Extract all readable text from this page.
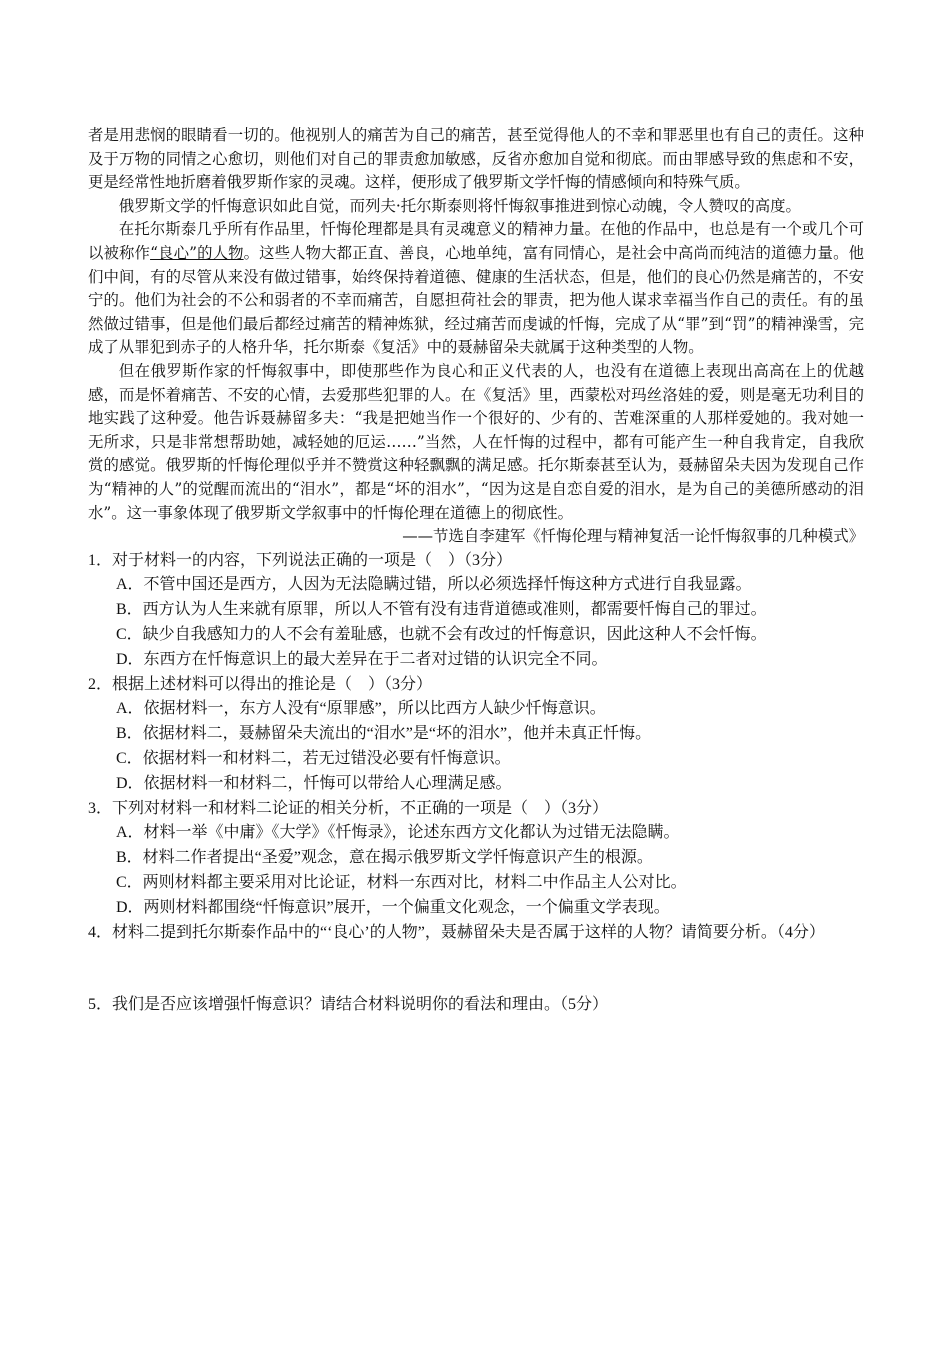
者是用悲悯的眼睛看一切的。他视别人的痛苦为自己的痛苦，甚至觉得他人的不幸和罪恶里也有自己的责任。这种及于万物的同情之心愈切，则他们对自己的罪责愈加敏感，反省亦愈加自觉和彻底。而由罪感导致的焦虑和不安，更是经常性地折磨着俄罗斯作家的灵魂。这样，便形成了俄罗斯文学忏悔的情感倾向和特殊气质。

俄罗斯文学的忏悔意识如此自觉，而列夫·托尔斯泰则将忏悔叙事推进到惊心动魄，令人赞叹的高度。

在托尔斯泰几乎所有作品里，忏悔伦理都是具有灵魂意义的精神力量。在他的作品中，也总是有一个或几个可以被称作“良心”的人物。这些人物大都正直、善良，心地单纯，富有同情心，是社会中高尚而纯洁的道德力量。他们中间，有的尽管从来没有做过错事，始终保持着道德、健康的生活状态，但是，他们的良心仍然是痛苦的，不安宁的。他们为社会的不公和弱者的不幸而痛苦，自愿担荷社会的罪责，把为他人谋求幸福当作自己的责任。有的虽然做过错事，但是他们最后都经过痛苦的精神炼狱，经过痛苦而虔诚的忏悔，完成了从“罪”到“罚”的精神澡雪，完成了从罪犯到赤子的人格升华，托尔斯泰《复活》中的聂赫留朵夫就属于这种类型的人物。

但在俄罗斯作家的忏悔叙事中，即使那些作为良心和正义代表的人，也没有在道德上表现出高高在上的优越感，而是怀着痛苦、不安的心情，去爱那些犯罪的人。在《复活》里，西蒙松对玛丝洛娃的爱，则是毫无功利目的地实践了这种爱。他告诉聂赫留多夫：“我是把她当作一个很好的、少有的、苦难深重的人那样爱她的。我对她一无所求，只是非常想帮助她，减轻她的厄运……”当然，人在忏悔的过程中，都有可能产生一种自我肯定，自我欣赏的感觉。俄罗斯的忏悔伦理似乎并不赞赏这种轻飘飘的满足感。托尔斯泰甚至认为，聂赫留朵夫因为发现自己作为“精神的人”的觉醒而流出的“泪水”，都是“坏的泪水”，“因为这是自恋自爱的泪水，是为自己的美德所感动的泪水”。这一事象体现了俄罗斯文学叙事中的忏悔伦理在道德上的彻底性。

——节选自李建军《忏悔伦理与精神复活一论忏悔叙事的几种模式》

1．对于材料一的内容，下列说法正确的一项是（　）（3分）

A．不管中国还是西方，人因为无法隐瞒过错，所以必须选择忏悔这种方式进行自我显露。

B．西方认为人生来就有原罪，所以人不管有没有违背道德或准则，都需要忏悔自己的罪过。

C．缺少自我感知力的人不会有羞耻感，也就不会有改过的忏悔意识，因此这种人不会忏悔。

D．东西方在忏悔意识上的最大差异在于二者对过错的认识完全不同。

2．根据上述材料可以得出的推论是（　）（3分）

A．依据材料一，东方人没有“原罪感”，所以比西方人缺少忏悔意识。

B．依据材料二，聂赫留朵夫流出的“泪水”是“坏的泪水”，他并未真正忏悔。

C．依据材料一和材料二，若无过错没必要有忏悔意识。

D．依据材料一和材料二，忏悔可以带给人心理满足感。

3．下列对材料一和材料二论证的相关分析，不正确的一项是（　）（3分）

A．材料一举《中庸》《大学》《忏悔录》，论述东西方文化都认为过错无法隐瞒。

B．材料二作者提出“圣爱”观念，意在揭示俄罗斯文学忏悔意识产生的根源。

C．两则材料都主要采用对比论证，材料一东西对比，材料二中作品主人公对比。

D．两则材料都围绕“忏悔意识”展开，一个偏重文化观念，一个偏重文学表现。

4．材料二提到托尔斯泰作品中的“‘良心’的人物”，聂赫留朵夫是否属于这样的人物？请简要分析。（4分）

5．我们是否应该增强忏悔意识？请结合材料说明你的看法和理由。（5分）
